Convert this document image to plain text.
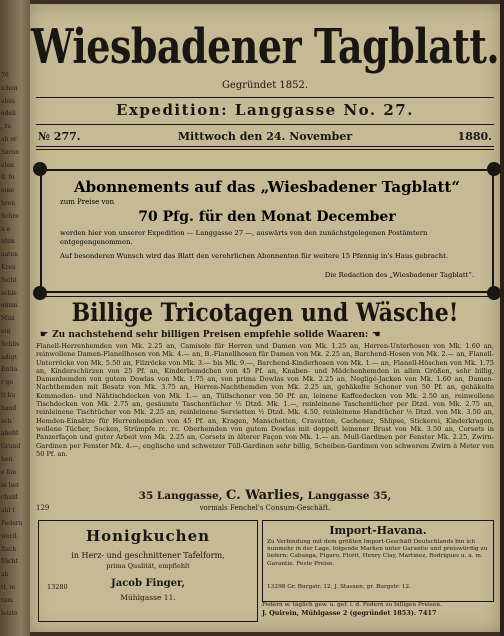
76
ichen
ebes
edeli
, tu
ah er
Saron
elen
d. fo
eine
hren
Schre
n e
nten
aaten
Kreu
fucht
schle
einen
Mini
ein
Schlis
ndigt
Entla
r ge
tt ku
hand
sch
abefd
Grund
ben.
e fon
in ber
chuld
ahl t
Federu
werd.
fluch
Nicht
ab
tt, m
tum
leiste
Wiesbadener Tagblatt.
Gegründet 1852.
Expedition: Langgasse No. 27.
№ 277.	Mittwoch den 24. November	1880.
Abonnements auf das „Wiesbadener Tagblatt“
zum Preise von
70 Pfg. für den Monat December
werden hier von unserer Expedition — Langgasse 27 —, auswärts von den zunächstgelegenen Postämtern entgegengenommen.
Auf besonderen Wunsch wird das Blatt den verehrlichen Abonnenten für weitere 15 Pfennig in's Haus gebracht.
Die Redaction des „Wiesbadener Tagblatt“.
Billige Tricotagen und Wäsche!
☛ Zu nachstehend sehr billigen Preisen empfehle solide Waaren: ☚
Flanell-Herrenhemden von Mk. 2.25 an, Camisole für Herren und Damen von Mk. 1.25 an, Herren-Unterhosen von Mk. 1.60 an, reinwollene Damen-Flanellhosen von Mk. 4.— an, B.-Flanellhosen für Damen von Mk. 2.25 an, Barchend-Hosen von Mk. 2.— an, Flanell-Unterröcke von Mk. 5.50 an, Filzröcke von Mk. 3.— bis Mk. 9.—, Barchend-Kinderhosen von Mk. 1.— an, Flanell-Höschen von Mk. 1.75 an, Kinderschürzen von 25 Pf. an, Kinderhemdchen von 45 Pf. an, Knaben- und Mädchenhemden in allen Größen, sehr billig, Damenhemden von gutem Dowlas von Mk. 1.75 an, von prima Dowlas von Mk. 2.25 an, Negligé-Jacken von Mk. 1.60 an, Damen-Nachthemden mit Besatz von Mk. 3.75 an, Herren-Nachthemden von Mk. 2.25 an, gehäkelte Schoner von 50 Pf. an, gehäkelte Kommoden- und Nähtischdecken von Mk. 1.— an, Tüllschoner von 50 Pf. an, leinene Kaffeedecken von Mk. 2.50 an, reinwollene Tischdecken von Mk. 2.75 an, gesäumte Taschentücher ½ Dtzd. Mk. 1.—, reinleinene Taschentücher per Dtzd. von Mk. 2.75 an, reinleinene Tischtücher von Mk. 2.25 an, reinleinene Servietten ½ Dtzd. Mk. 4.50, reinleinene Handtücher ½ Dtzd. von Mk. 3.50 an, Hemden-Einsätze für Herrenhemden von 45 Pf. an, Kragen, Manschetten, Cravatten, Cachenez, Shlipse, Stickerei, Kinderkragen, wollene Tücher, Socken, Strümpfe rc. rc. Oberhemden von gutem Dowlas mit doppelt leinener Brust von Mk. 3.50 an, Corsets in Panzerfaçon und guter Arbeit von Mk. 2.25 an, Corsets in älterer Façon von Mk. 1.— an. Mull-Gardinen per Fenster Mk. 2.25, Zwirn-Gardinen per Fenster Mk. 4.—, englische und schweizer Tüll-Gardinen sehr billig, Scheiben-Gardinen von schwerem Zwirn à Meter von 50 Pf. an.
35 Langgasse, C. Warlies, Langgasse 35,
129	vormals Fenchel's Consum-Geschäft.
Honigkuchen
in Herz- und geschnittener Tafelform,
prima Qualität, empfiehlt
Jacob Finger,
Mühlgasse 11.
13280
Import-Havana.
Zu Verbindung mit dem größten Import-Geschäft Deutschlands bin ich nunmehr in der Lage, folgende Marken unter Garantie und preiswürdig zu liefern: Cabanga, Figaro, Florit, Henry Clay, Martinez, Rodrigues u. a. m. Garantie. Feste Preise.
13298 Gr. Burgstr. 12, J. Stassen, gr. Burgstr. 12.
Federn w. täglich gew. u. gef. i. d. Federn zu billigen Preisen.
J. Quirein, Mühlgasse 2 (gegründet 1853). 7417
